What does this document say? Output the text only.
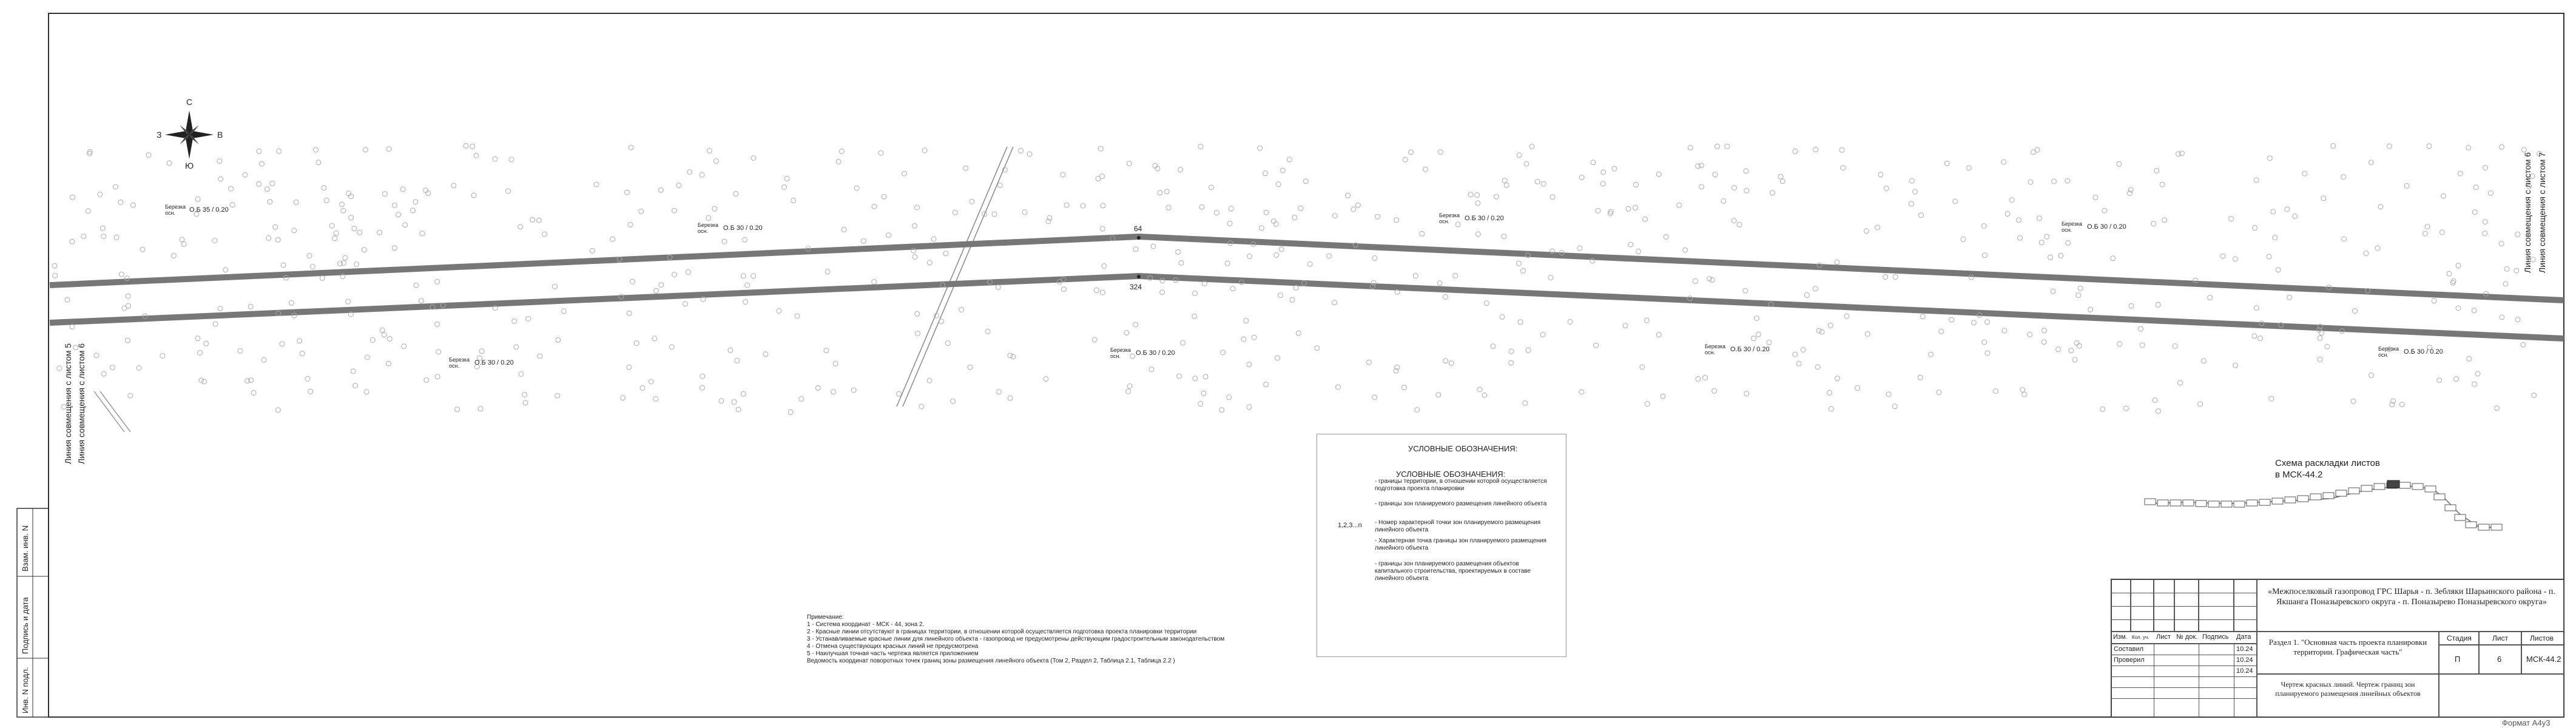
С
Ю
З	В
64
324
Березка
осн.	О.Б 35 / 0.20
Березка
осн.	О.Б 30 / 0.20
Березка
осн.	О.Б 30 / 0.20
Березка
осн.	О.Б 30 / 0.20
Березка
осн.	О.Б 30 / 0.20
Березка
осн.	О.Б 30 / 0.20
Березка
осн.	О.Б 30 / 0.20	Березка
осн.	О.Б 30 / 0.20
Линия совмещения с листом 5 Линия совмещения с листом 6
Линия совмещения с листом 6 Линия совмещения с листом 7
Взам. инв. N
Подпись и дата
Инв. N подл.
УСЛОВНЫЕ ОБОЗНАЧЕНИЯ:
УСЛОВНЫЕ ОБОЗНАЧЕНИЯ:
- границы территории, в отношении которой осуществляется подготовка проекта планировки
- границы зон планируемого размещения линейного объекта
1,2,3...n - Номер характерной точки зон планируемого размещения линейного объекта
- Характерная точка границы зон планируемого размещения линейного объекта
- границы зон планируемого размещения объектов капитального строительства, проектируемых в составе линейного объекта
Примечание:
1 - Система координат - МСК - 44, зона 2.
2 - Красные линии отсутствуют в границах территории, в отношении которой осуществляется подготовка проекта планировки территории
3 - Устанавливаемые красные линии для линейного объекта - газопровод не предусмотрены действующим градостроительным законодательством
4 - Отмена существующих красных линий не предусмотрена
5 - Наилучшая точная часть чертежа является приложением
Ведомость координат поворотных точек границ зоны размещения линейного объекта (Том 2, Раздел 2, Таблица 2.1, Таблица 2.2 )
Схема раскладки листов
в МСК-44.2
Изм. Кол. уч. Лист № док. Подпись Дата
Составил	10.24
Проверил	10.24
10.24
«Межпоселковый газопровод ГРС Шарья - п. Зебляки Шарьинского района - п. Якшанга Поназыревского округа - п. Поназырево Поназыревского округа»
Раздел 1. "Основная часть проекта планировки территории. Графическая часть"
Стадия	Лист	Листов
П	6	МСК-44.2
Чертеж красных линий. Чертеж границ зон планируемого размещения линейных объектов
Формат А4у3
